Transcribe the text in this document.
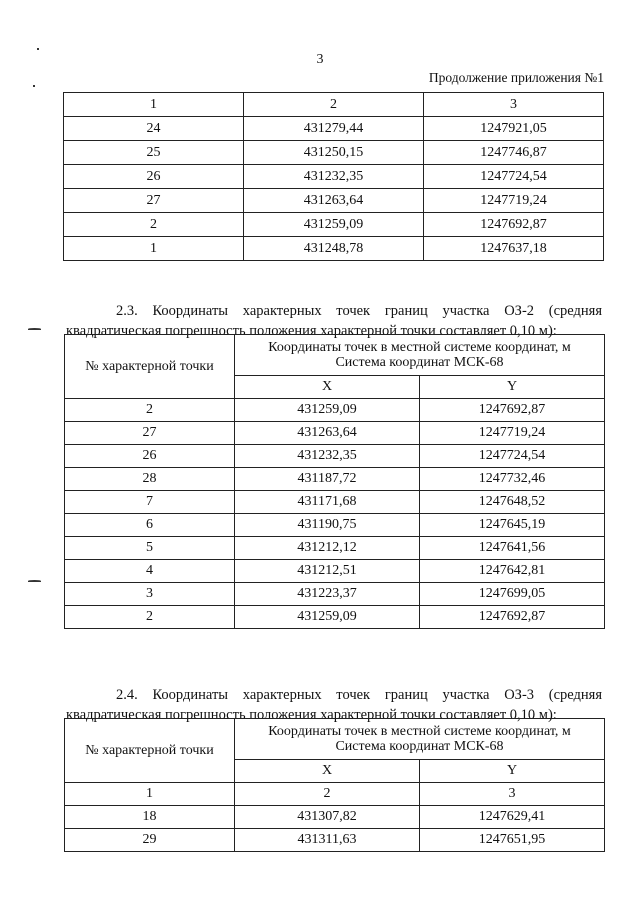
3
Продолжение приложения №1
1	2	3
24	431279,44	1247921,05
25	431250,15	1247746,87
26	431232,35	1247724,54
27	431263,64	1247719,24
2	431259,09	1247692,87
1	431248,78	1247637,18

2.3. Координаты характерных точек границ участка ОЗ-2 (средняя квадратическая погрешность положения характерной точки составляет 0,10 м):

№ характерной точки	Координаты точек в местной системе координат, м
Система координат МСК-68	
	X	Y
2	431259,09	1247692,87
27	431263,64	1247719,24
26	431232,35	1247724,54
28	431187,72	1247732,46
7	431171,68	1247648,52
6	431190,75	1247645,19
5	431212,12	1247641,56
4	431212,51	1247642,81
3	431223,37	1247699,05
2	431259,09	1247692,87

2.4. Координаты характерных точек границ участка ОЗ-3 (средняя квадратическая погрешность положения характерной точки составляет 0,10 м):

№ характерной точки	Координаты точек в местной системе координат, м
Система координат МСК-68	
	X	Y
1	2	3
18	431307,82	1247629,41
29	431311,63	1247651,95
